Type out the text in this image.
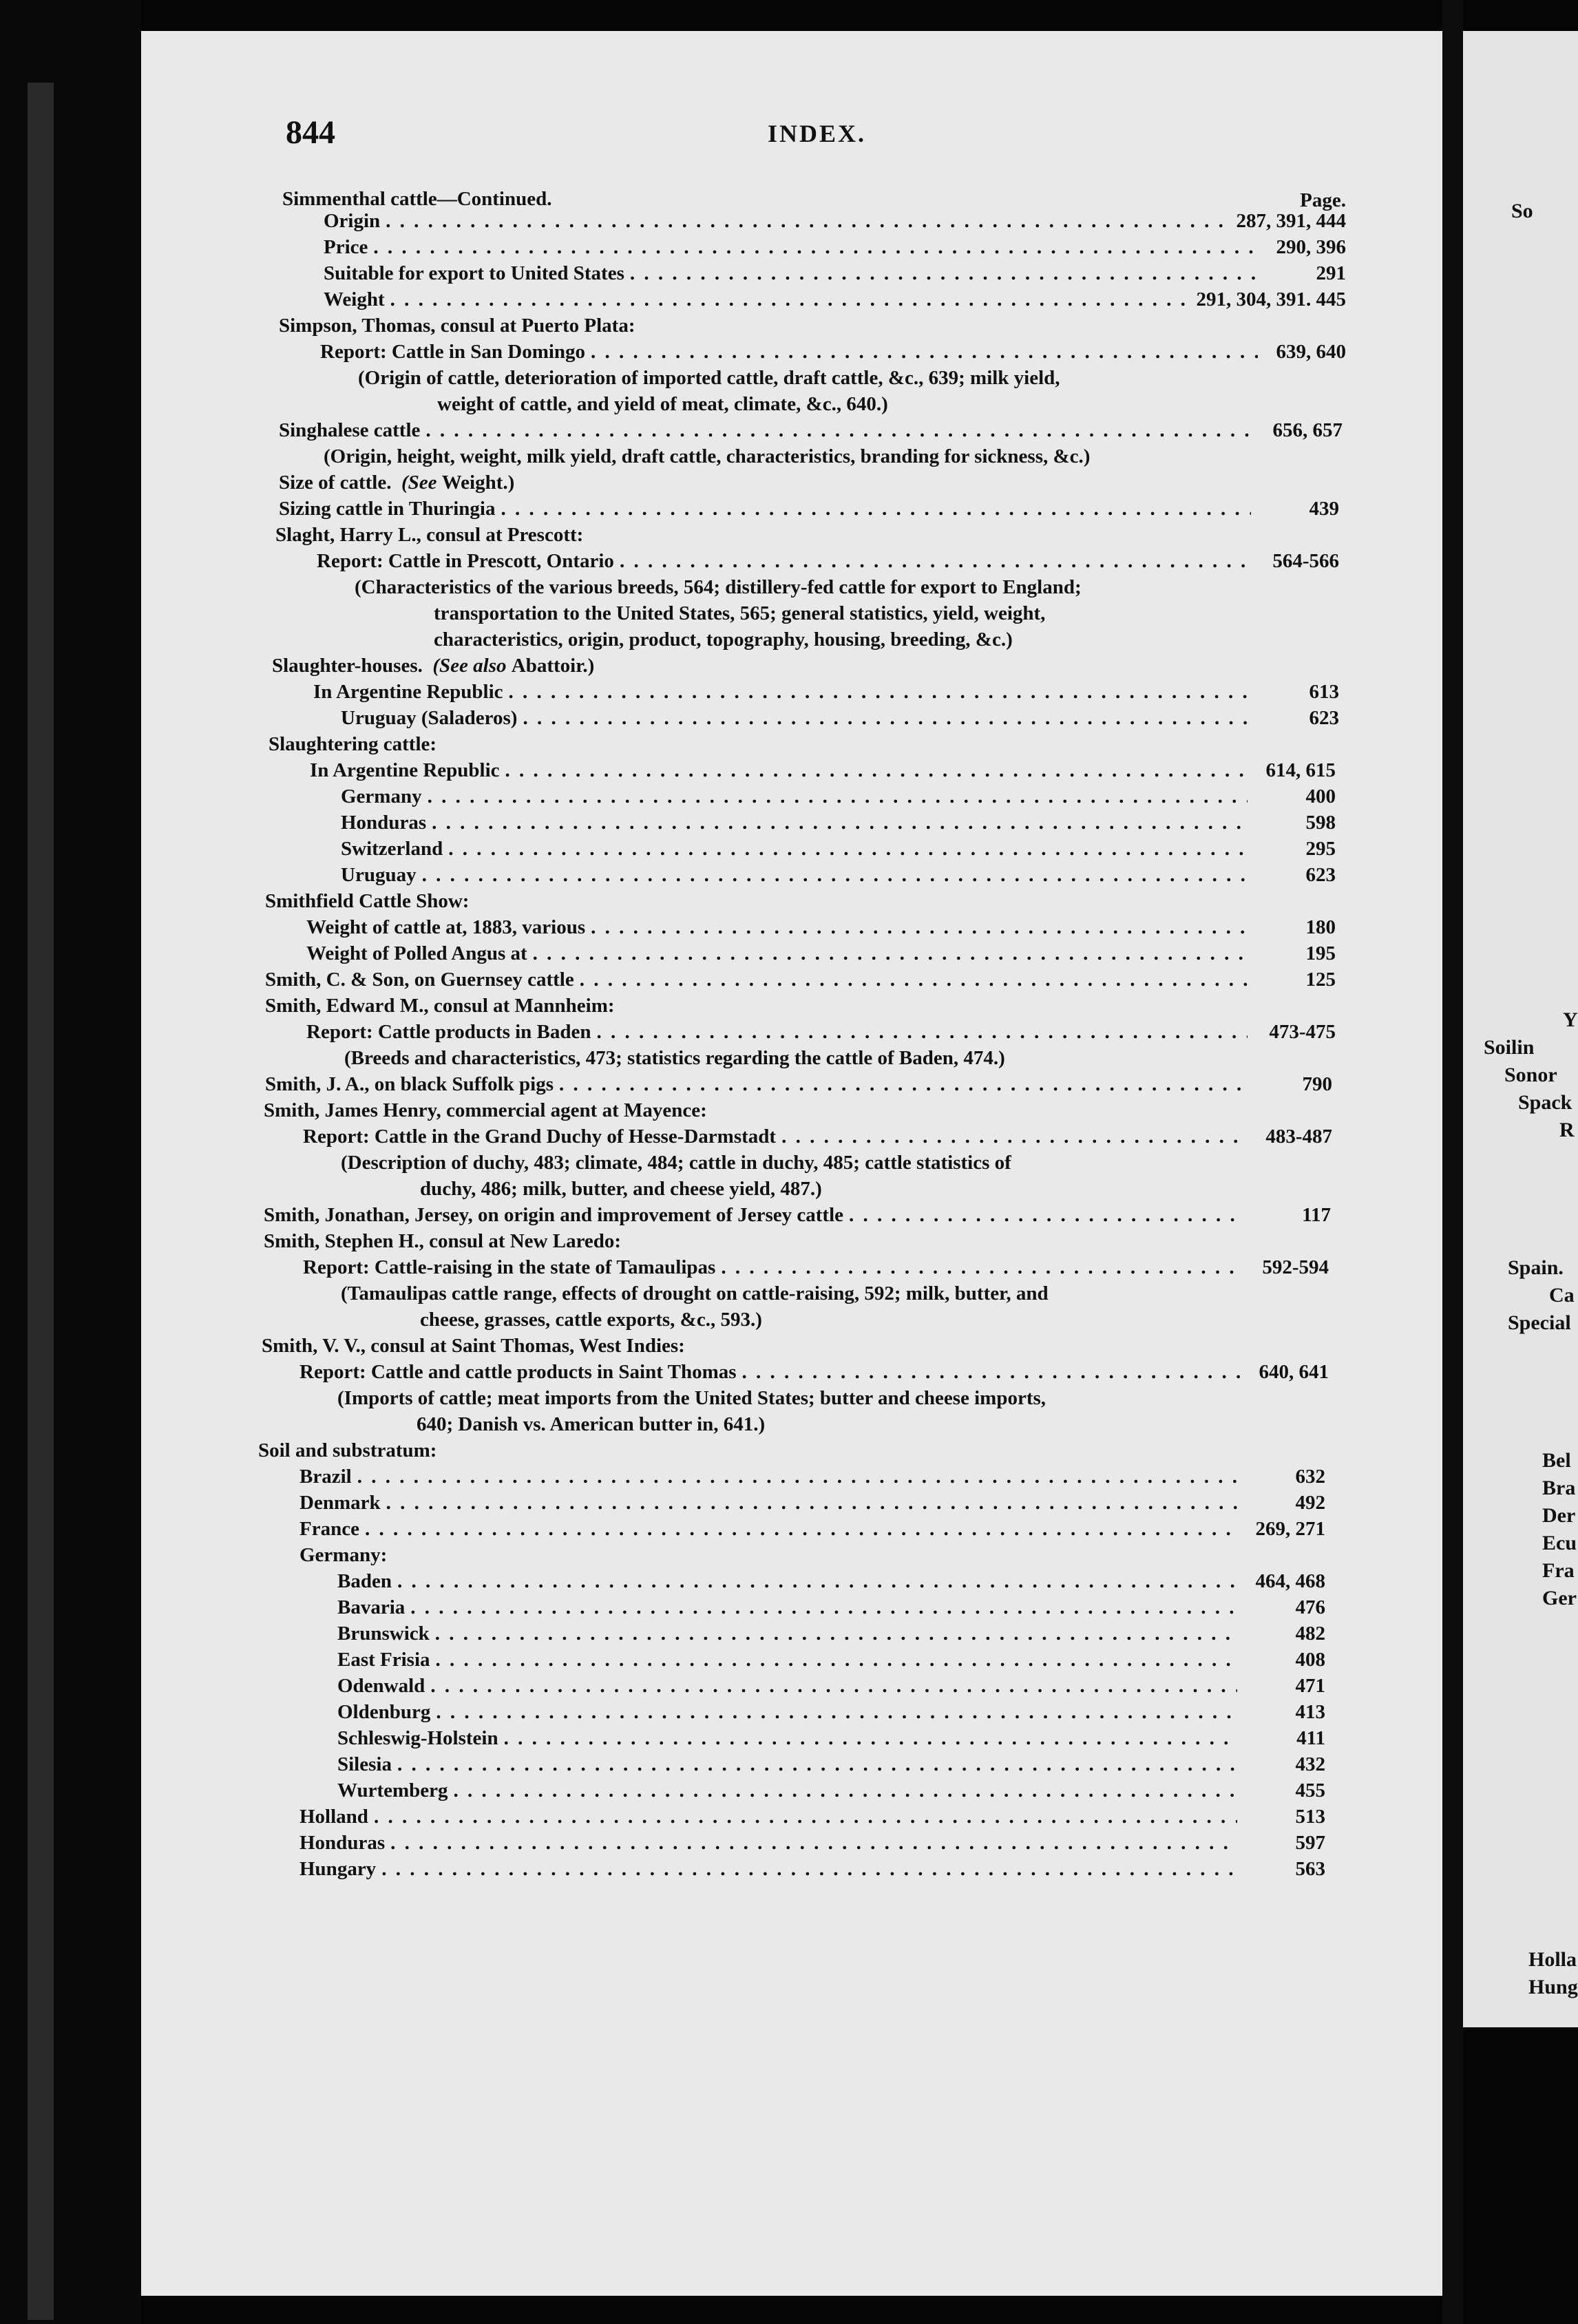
844	INDEX.
Page.
Simmenthal cattle—Continued.
Origin . . .	287, 391, 444
Price . . .	290, 396
Suitable for export to United States . . .	291
Weight . . .	291, 304, 391. 445
Simpson, Thomas, consul at Puerto Plata:
Report: Cattle in San Domingo . . .	639, 640
(Origin of cattle, deterioration of imported cattle, draft cattle, &c., 639; milk yield,
weight of cattle, and yield of meat, climate, &c., 640.)
Singhalese cattle . . .	656, 657
(Origin, height, weight, milk yield, draft cattle, characteristics, branding for sickness, &c.)
Size of cattle.
(See
Weight.)
Sizing cattle in Thuringia . . .	439
Slaght, Harry L., consul at Prescott:
Report: Cattle in Prescott, Ontario . . .	564-566
(Characteristics of the various breeds, 564; distillery-fed cattle for export to England;
transportation to the United States, 565; general statistics, yield, weight,
characteristics, origin, product, topography, housing, breeding, &c.)
Slaughter-houses.
(See also
Abattoir.)
In Argentine Republic . . .	613
Uruguay (Saladeros) . . .	623
Slaughtering cattle:
In Argentine Republic . . .	614, 615
Germany . . .	400
Honduras . . .	598
Switzerland . . .	295
Uruguay . . .	623
Smithfield Cattle Show:
Weight of cattle at, 1883, various . . .	180
Weight of Polled Angus at . . .	195
Smith, C. & Son, on Guernsey cattle . . .	125
Smith, Edward M., consul at Mannheim:
Report: Cattle products in Baden . . .	473-475
(Breeds and characteristics, 473; statistics regarding the cattle of Baden, 474.)
Smith, J. A., on black Suffolk pigs . . .	790
Smith, James Henry, commercial agent at Mayence:
Report: Cattle in the Grand Duchy of Hesse-Darmstadt . . .	483-487
(Description of duchy, 483; climate, 484; cattle in duchy, 485; cattle statistics of
duchy, 486; milk, butter, and cheese yield, 487.)
Smith, Jonathan, Jersey, on origin and improvement of Jersey cattle . . .	117
Smith, Stephen H., consul at New Laredo:
Report: Cattle-raising in the state of Tamaulipas . . .	592-594
(Tamaulipas cattle range, effects of drought on cattle-raising, 592; milk, butter, and
cheese, grasses, cattle exports, &c., 593.)
Smith, V. V., consul at Saint Thomas, West Indies:
Report: Cattle and cattle products in Saint Thomas . . .	640, 641
(Imports of cattle; meat imports from the United States; butter and cheese imports,
640; Danish vs. American butter in, 641.)
Soil and substratum:
Brazil . . .	632
Denmark . . .	492
France . . .	269, 271
Germany:
Baden . . .	464, 468
Bavaria . . .	476
Brunswick . . .	482
East Frisia . . .	408
Odenwald . . .	471
Oldenburg . . .	413
Schleswig-Holstein . . .	411
Silesia . . .	432
Wurtemberg . . .	455
Holland . . .	513
Honduras . . .	597
Hungary . . .	563
So
Y
Soilin
Sonor
Spack
R
Spain.
Ca
Special
Bel
Bra
Der
Ecu
Fra
Ger
Holla
Hung
